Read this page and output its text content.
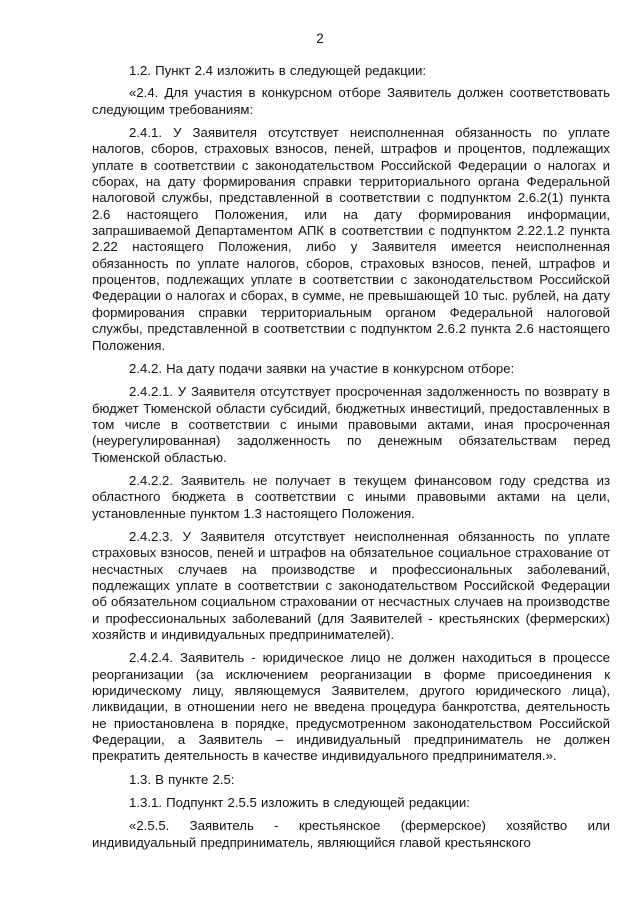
2

1.2. Пункт 2.4 изложить в следующей редакции:

«2.4. Для участия в конкурсном отборе Заявитель должен соответствовать следующим требованиям:

2.4.1. У Заявителя отсутствует неисполненная обязанность по уплате налогов, сборов, страховых взносов, пеней, штрафов и процентов, подлежащих уплате в соответствии с законодательством Российской Федерации о налогах и сборах, на дату формирования справки территориального органа Федеральной налоговой службы, представленной в соответствии с подпунктом 2.6.2(1) пункта 2.6 настоящего Положения, или на дату формирования информации, запрашиваемой Департаментом АПК в соответствии с подпунктом 2.22.1.2 пункта 2.22 настоящего Положения, либо у Заявителя имеется неисполненная обязанность по уплате налогов, сборов, страховых взносов, пеней, штрафов и процентов, подлежащих уплате в соответствии с законодательством Российской Федерации о налогах и сборах, в сумме, не превышающей 10 тыс. рублей, на дату формирования справки территориальным органом Федеральной налоговой службы, представленной в соответствии с подпунктом 2.6.2 пункта 2.6 настоящего Положения.

2.4.2. На дату подачи заявки на участие в конкурсном отборе:

2.4.2.1. У Заявителя отсутствует просроченная задолженность по возврату в бюджет Тюменской области субсидий, бюджетных инвестиций, предоставленных в том числе в соответствии с иными правовыми актами, иная просроченная (неурегулированная) задолженность по денежным обязательствам перед Тюменской областью.

2.4.2.2. Заявитель не получает в текущем финансовом году средства из областного бюджета в соответствии с иными правовыми актами на цели, установленные пунктом 1.3 настоящего Положения.

2.4.2.3. У Заявителя отсутствует неисполненная обязанность по уплате страховых взносов, пеней и штрафов на обязательное социальное страхование от несчастных случаев на производстве и профессиональных заболеваний, подлежащих уплате в соответствии с законодательством Российской Федерации об обязательном социальном страховании от несчастных случаев на производстве и профессиональных заболеваний (для Заявителей - крестьянских (фермерских) хозяйств и индивидуальных предпринимателей).

2.4.2.4. Заявитель - юридическое лицо не должен находиться в процессе реорганизации (за исключением реорганизации в форме присоединения к юридическому лицу, являющемуся Заявителем, другого юридического лица), ликвидации, в отношении него не введена процедура банкротства, деятельность не приостановлена в порядке, предусмотренном законодательством Российской Федерации, а Заявитель – индивидуальный предприниматель не должен прекратить деятельность в качестве индивидуального предпринимателя.».

1.3. В пункте 2.5:

1.3.1. Подпункт 2.5.5 изложить в следующей редакции:

«2.5.5. Заявитель - крестьянское (фермерское) хозяйство или индивидуальный предприниматель, являющийся главой крестьянского
